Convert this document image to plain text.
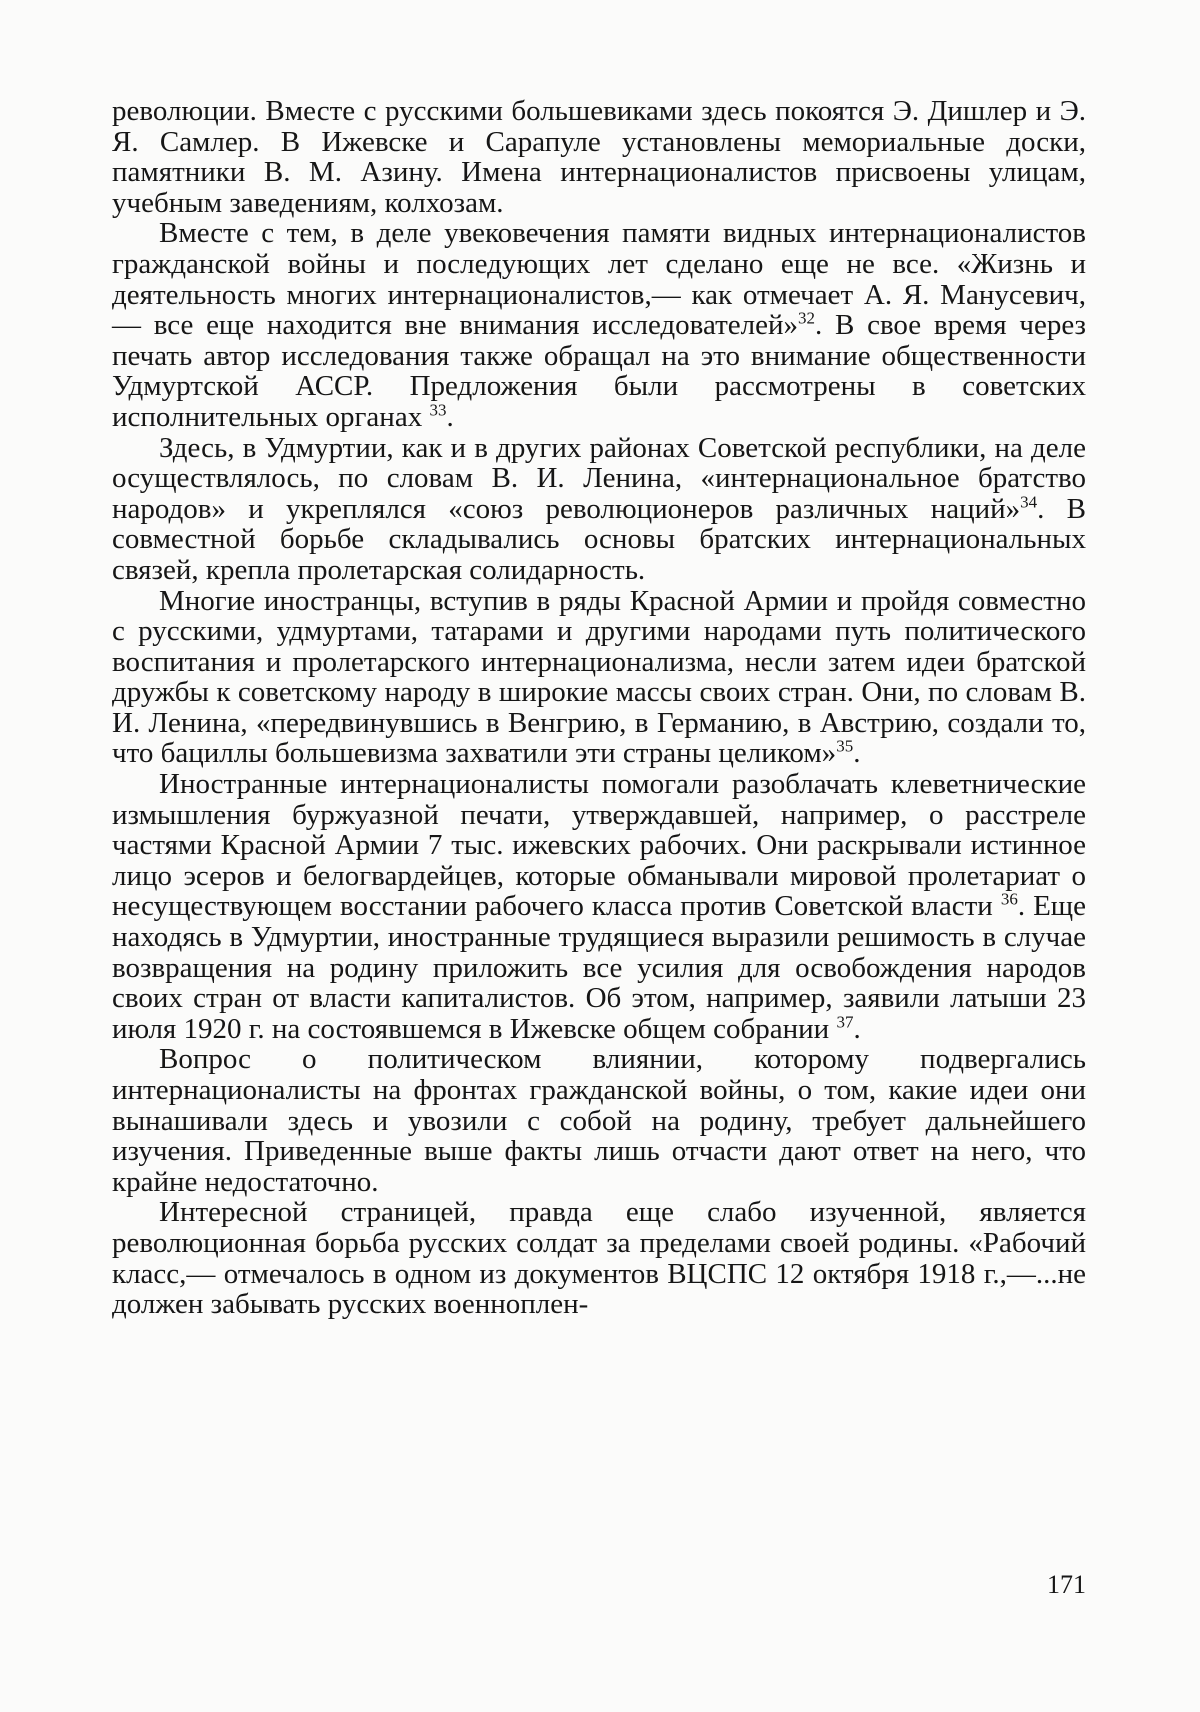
революции. Вместе с русскими большевиками здесь покоятся Э. Дишлер и Э. Я. Самлер. В Ижевске и Сарапуле установлены мемориальные доски, памятники В. М. Азину. Имена интернационалистов присвоены улицам, учебным заведениям, колхозам.

Вместе с тем, в деле увековечения памяти видных интернационалистов гражданской войны и последующих лет сделано еще не все. «Жизнь и деятельность многих интернационалистов,— как отмечает А. Я. Манусевич,— все еще находится вне внимания исследователей»$^{32}$. В свое время через печать автор исследования также обращал на это внимание общественности Удмуртской АССР. Предложения были рассмотрены в советских исполнительных органах $^{33}$.

Здесь, в Удмуртии, как и в других районах Советской республики, на деле осуществлялось, по словам В. И. Ленина, «интернациональное братство народов» и укреплялся «союз революционеров различных наций»$^{34}$. В совместной борьбе складывались основы братских интернациональных связей, крепла пролетарская солидарность.

Многие иностранцы, вступив в ряды Красной Армии и пройдя совместно с русскими, удмуртами, татарами и другими народами путь политического воспитания и пролетарского интернационализма, несли затем идеи братской дружбы к советскому народу в широкие массы своих стран. Они, по словам В. И. Ленина, «передвинувшись в Венгрию, в Германию, в Австрию, создали то, что бациллы большевизма захватили эти страны целиком»$^{35}$.

Иностранные интернационалисты помогали разоблачать клеветнические измышления буржуазной печати, утверждавшей, например, о расстреле частями Красной Армии 7 тыс. ижевских рабочих. Они раскрывали истинное лицо эсеров и белогвардейцев, которые обманывали мировой пролетариат о несуществующем восстании рабочего класса против Советской власти $^{36}$. Еще находясь в Удмуртии, иностранные трудящиеся выразили решимость в случае возвращения на родину приложить все усилия для освобождения народов своих стран от власти капиталистов. Об этом, например, заявили латыши 23 июля 1920 г. на состоявшемся в Ижевске общем собрании $^{37}$.

Вопрос о политическом влиянии, которому подвергались интернационалисты на фронтах гражданской войны, о том, какие идеи они вынашивали здесь и увозили с собой на родину, требует дальнейшего изучения. Приведенные выше факты лишь отчасти дают ответ на него, что крайне недостаточно.

Интересной страницей, правда еще слабо изученной, является революционная борьба русских солдат за пределами своей родины. «Рабочий класс,— отмечалось в одном из документов ВЦСПС 12 октября 1918 г.,—...не должен забывать русских военноплен-

171
